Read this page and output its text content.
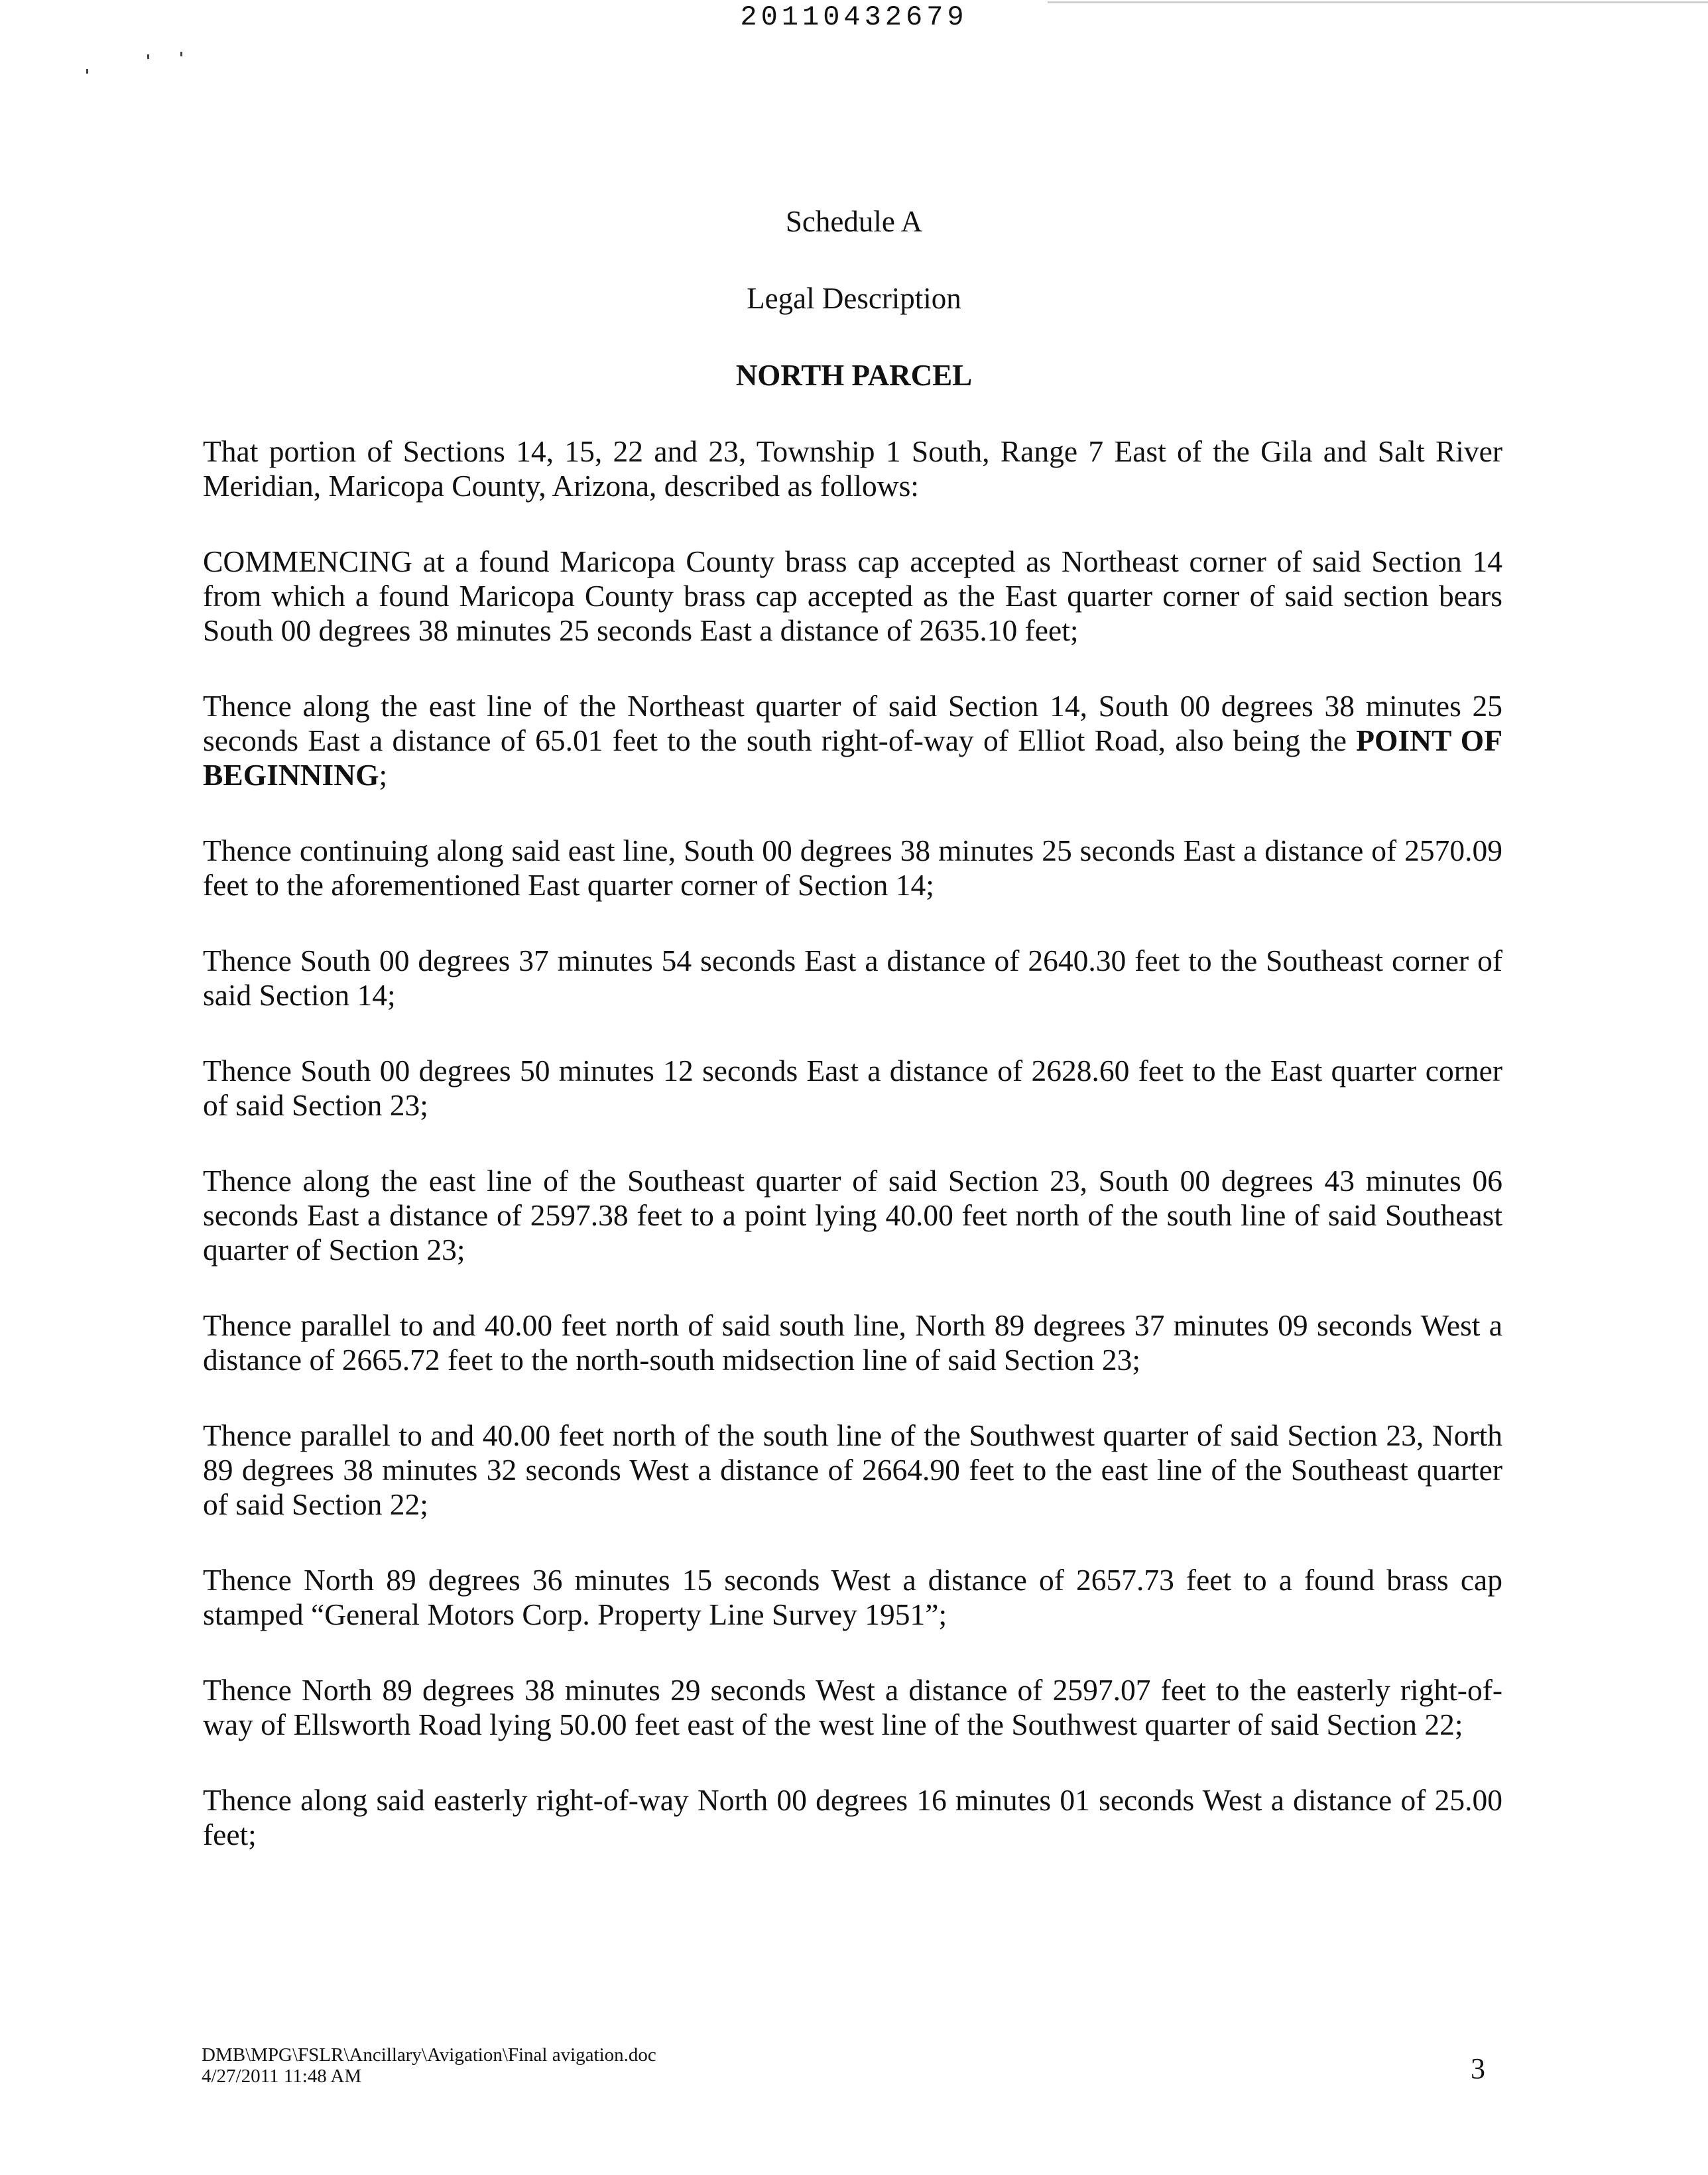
20110432679
Schedule A
Legal Description
NORTH PARCEL

That portion of Sections 14, 15, 22 and 23, Township 1 South, Range 7 East of the Gila and Salt River Meridian, Maricopa County, Arizona, described as follows:

COMMENCING at a found Maricopa County brass cap accepted as Northeast corner of said Section 14 from which a found Maricopa County brass cap accepted as the East quarter corner of said section bears South 00 degrees 38 minutes 25 seconds East a distance of 2635.10 feet;

Thence along the east line of the Northeast quarter of said Section 14, South 00 degrees 38 minutes 25 seconds East a distance of 65.01 feet to the south right-of-way of Elliot Road, also being the POINT OF BEGINNING;

Thence continuing along said east line, South 00 degrees 38 minutes 25 seconds East a distance of 2570.09 feet to the aforementioned East quarter corner of Section 14;

Thence South 00 degrees 37 minutes 54 seconds East a distance of 2640.30 feet to the Southeast corner of said Section 14;

Thence South 00 degrees 50 minutes 12 seconds East a distance of 2628.60 feet to the East quarter corner of said Section 23;

Thence along the east line of the Southeast quarter of said Section 23, South 00 degrees 43 minutes 06 seconds East a distance of 2597.38 feet to a point lying 40.00 feet north of the south line of said Southeast quarter of Section 23;

Thence parallel to and 40.00 feet north of said south line, North 89 degrees 37 minutes 09 seconds West a distance of 2665.72 feet to the north-south midsection line of said Section 23;

Thence parallel to and 40.00 feet north of the south line of the Southwest quarter of said Section 23, North 89 degrees 38 minutes 32 seconds West a distance of 2664.90 feet to the east line of the Southeast quarter of said Section 22;

Thence North 89 degrees 36 minutes 15 seconds West a distance of 2657.73 feet to a found brass cap stamped “General Motors Corp. Property Line Survey 1951”;

Thence North 89 degrees 38 minutes 29 seconds West a distance of 2597.07 feet to the easterly right-of-way of Ellsworth Road lying 50.00 feet east of the west line of the Southwest quarter of said Section 22;

Thence along said easterly right-of-way North 00 degrees 16 minutes 01 seconds West a distance of 25.00 feet;

DMB\MPG\FSLR\Ancillary\Avigation\Final avigation.doc
4/27/2011 11:48 AM	3
